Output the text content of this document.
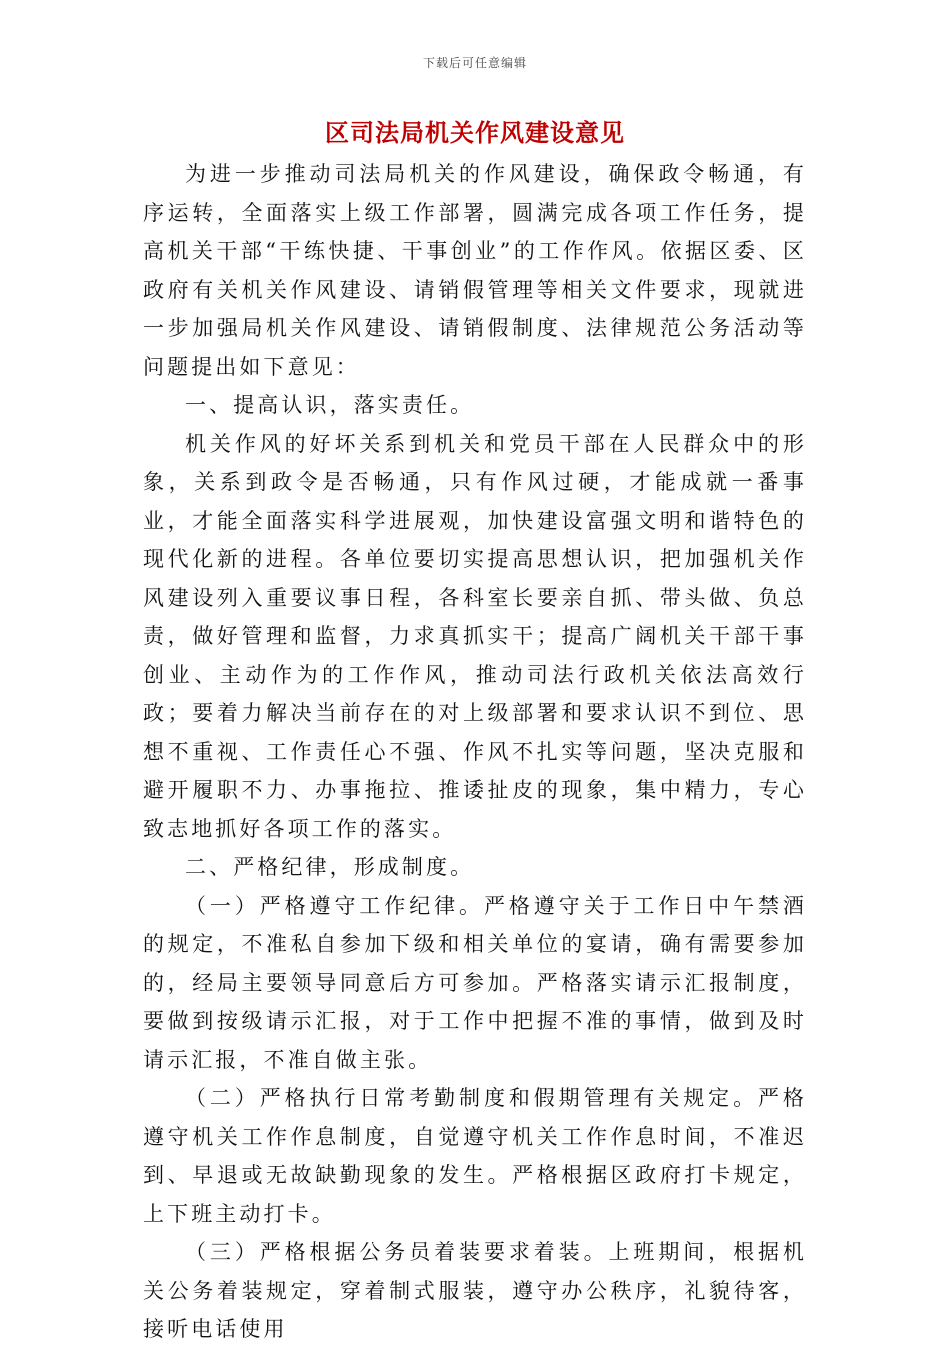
下载后可任意编辑
区司法局机关作风建设意见

为进一步推动司法局机关的作风建设，确保政令畅通，有序运转，全面落实上级工作部署，圆满完成各项工作任务，提高机关干部“干练快捷、干事创业”的工作作风。依据区委、区政府有关机关作风建设、请销假管理等相关文件要求，现就进一步加强局机关作风建设、请销假制度、法律规范公务活动等问题提出如下意见：

一、提高认识，落实责任。

机关作风的好坏关系到机关和党员干部在人民群众中的形象，关系到政令是否畅通，只有作风过硬，才能成就一番事业，才能全面落实科学进展观，加快建设富强文明和谐特色的现代化新的进程。各单位要切实提高思想认识，把加强机关作风建设列入重要议事日程，各科室长要亲自抓、带头做、负总责，做好管理和监督，力求真抓实干；提高广阔机关干部干事创业、主动作为的工作作风，推动司法行政机关依法高效行政；要着力解决当前存在的对上级部署和要求认识不到位、思想不重视、工作责任心不强、作风不扎实等问题，坚决克服和避开履职不力、办事拖拉、推诿扯皮的现象，集中精力，专心致志地抓好各项工作的落实。

二、严格纪律，形成制度。

（一）严格遵守工作纪律。严格遵守关于工作日中午禁酒的规定，不准私自参加下级和相关单位的宴请，确有需要参加的，经局主要领导同意后方可参加。严格落实请示汇报制度，要做到按级请示汇报，对于工作中把握不准的事情，做到及时请示汇报，不准自做主张。

（二）严格执行日常考勤制度和假期管理有关规定。严格遵守机关工作作息制度，自觉遵守机关工作作息时间，不准迟到、早退或无故缺勤现象的发生。严格根据区政府打卡规定，上下班主动打卡。

（三）严格根据公务员着装要求着装。上班期间，根据机关公务着装规定，穿着制式服装，遵守办公秩序，礼貌待客，接听电话使用
